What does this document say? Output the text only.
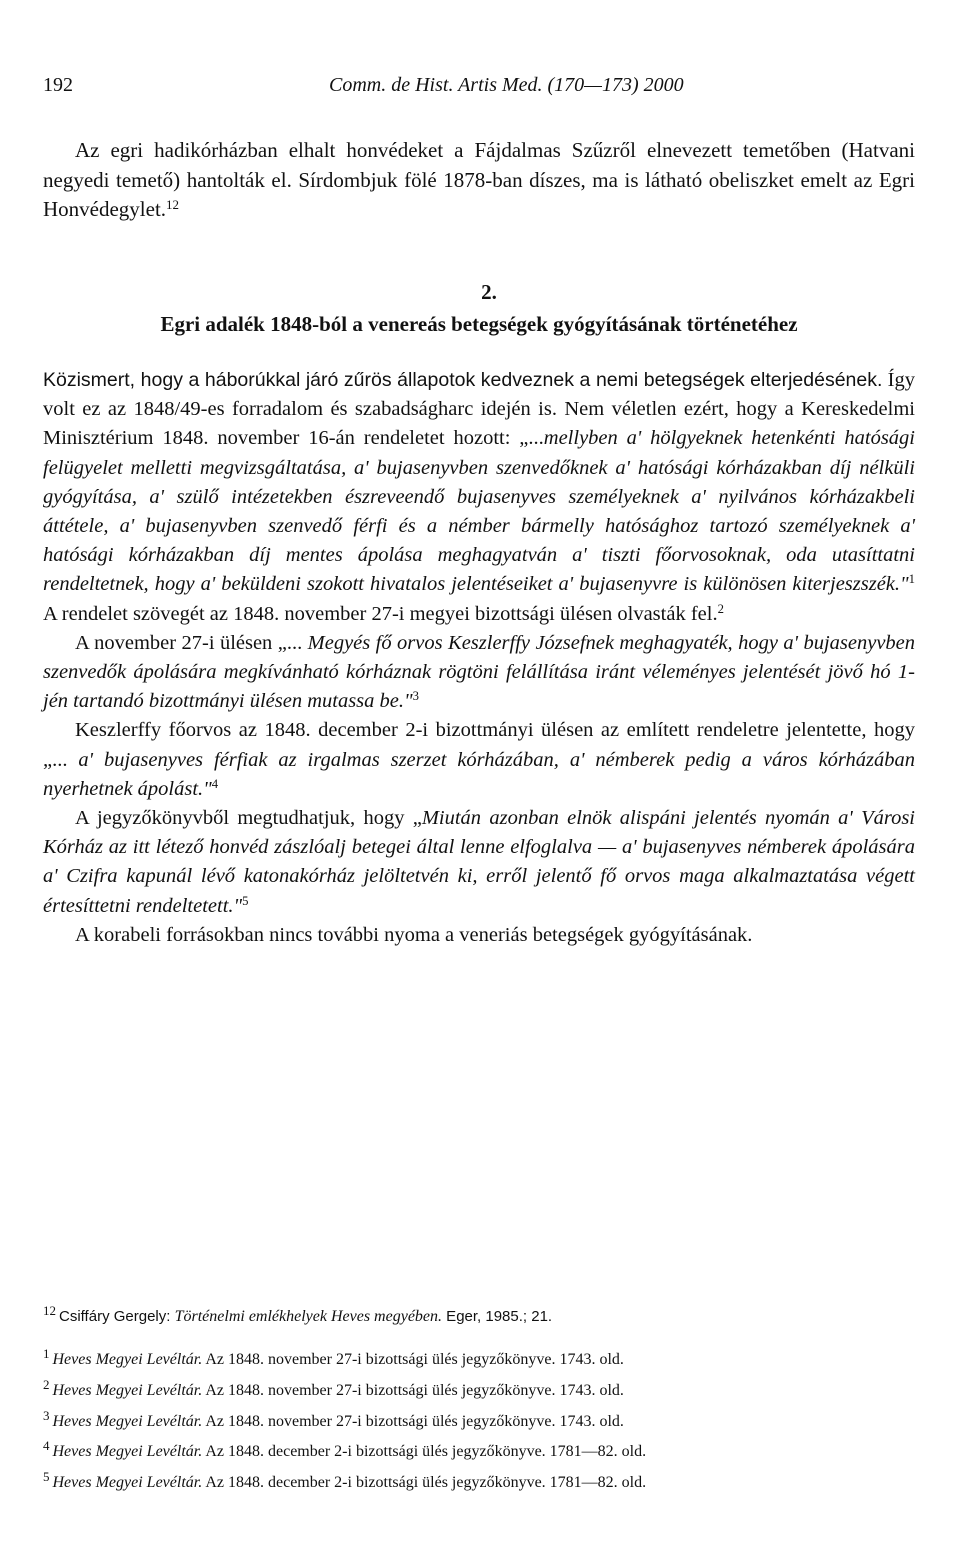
192	Comm. de Hist. Artis Med. (170—173) 2000

Az egri hadikórházban elhalt honvédeket a Fájdalmas Szűzről elnevezett temetőben (Hatvani negyedi temető) hantolták el. Sírdombjuk fölé 1878-ban díszes, ma is látható obeliszket emelt az Egri Honvédegylet.$^{12}$

2.
Egri adalék 1848-ból a venereás betegségek gyógyításának történetéhez

Közismert, hogy a háborúkkal járó zűrös állapotok kedveznek a nemi betegségek elterjedésének. Így volt ez az 1848/49-es forradalom és szabadságharc idején is. Nem véletlen ezért, hogy a Kereskedelmi Minisztérium 1848. november 16-án rendeletet hozott: „...mellyben a' hölgyeknek hetenkénti hatósági felügyelet melletti megvizsgáltatása, a' bujasenyvben szenvedőknek a' hatósági kórházakban díj nélküli gyógyítása, a' szülő intézetekben észreveendő bujasenyves személyeknek a' nyilvános kórházakbeli áttétele, a' bujasenyvben szenvedő férfi és a némber bármelly hatósághoz tartozó személyeknek a' hatósági kórházakban díj mentes ápolása meghagyatván a' tiszti főorvosoknak, oda utasíttatni rendeltetnek, hogy a' beküldeni szokott hivatalos jelentéseiket a' bujasenyvre is különösen kiterjeszszék."$^1$ A rendelet szövegét az 1848. november 27-i megyei bizottsági ülésen olvasták fel.$^2$

A november 27-i ülésen „... Megyés fő orvos Keszlerffy Józsefnek meghagyaték, hogy a' bujasenyvben szenvedők ápolására megkívánható kórháznak rögtöni felállítása iránt véleményes jelentését jövő hó 1-jén tartandó bizottmányi ülésen mutassa be."$^3$

Keszlerffy főorvos az 1848. december 2-i bizottmányi ülésen az említett rendeletre jelentette, hogy „... a' bujasenyves férfiak az irgalmas szerzet kórházában, a' némberek pedig a város kórházában nyerhetnek ápolást."$^4$

A jegyzőkönyvből megtudhatjuk, hogy „Miután azonban elnök alispáni jelentés nyomán a' Városi Kórház az itt létező honvéd zászlóalj betegei által lenne elfoglalva — a' bujasenyves némberek ápolására a' Czifra kapunál lévő katonakórház jelöltetvén ki, erről jelentő fő orvos maga alkalmaztatása végett értesíttetni rendeltetett."$^5$

A korabeli forrásokban nincs további nyoma a veneriás betegségek gyógyításának.

$^{12}$ Csiffáry Gergely: Történelmi emlékhelyek Heves megyében. Eger, 1985.; 21.
$^1$ Heves Megyei Levéltár. Az 1848. november 27-i bizottsági ülés jegyzőkönyve. 1743. old.
$^2$ Heves Megyei Levéltár. Az 1848. november 27-i bizottsági ülés jegyzőkönyve. 1743. old.
$^3$ Heves Megyei Levéltár. Az 1848. november 27-i bizottsági ülés jegyzőkönyve. 1743. old.
$^4$ Heves Megyei Levéltár. Az 1848. december 2-i bizottsági ülés jegyzőkönyve. 1781—82. old.
$^5$ Heves Megyei Levéltár. Az 1848. december 2-i bizottsági ülés jegyzőkönyve. 1781—82. old.
